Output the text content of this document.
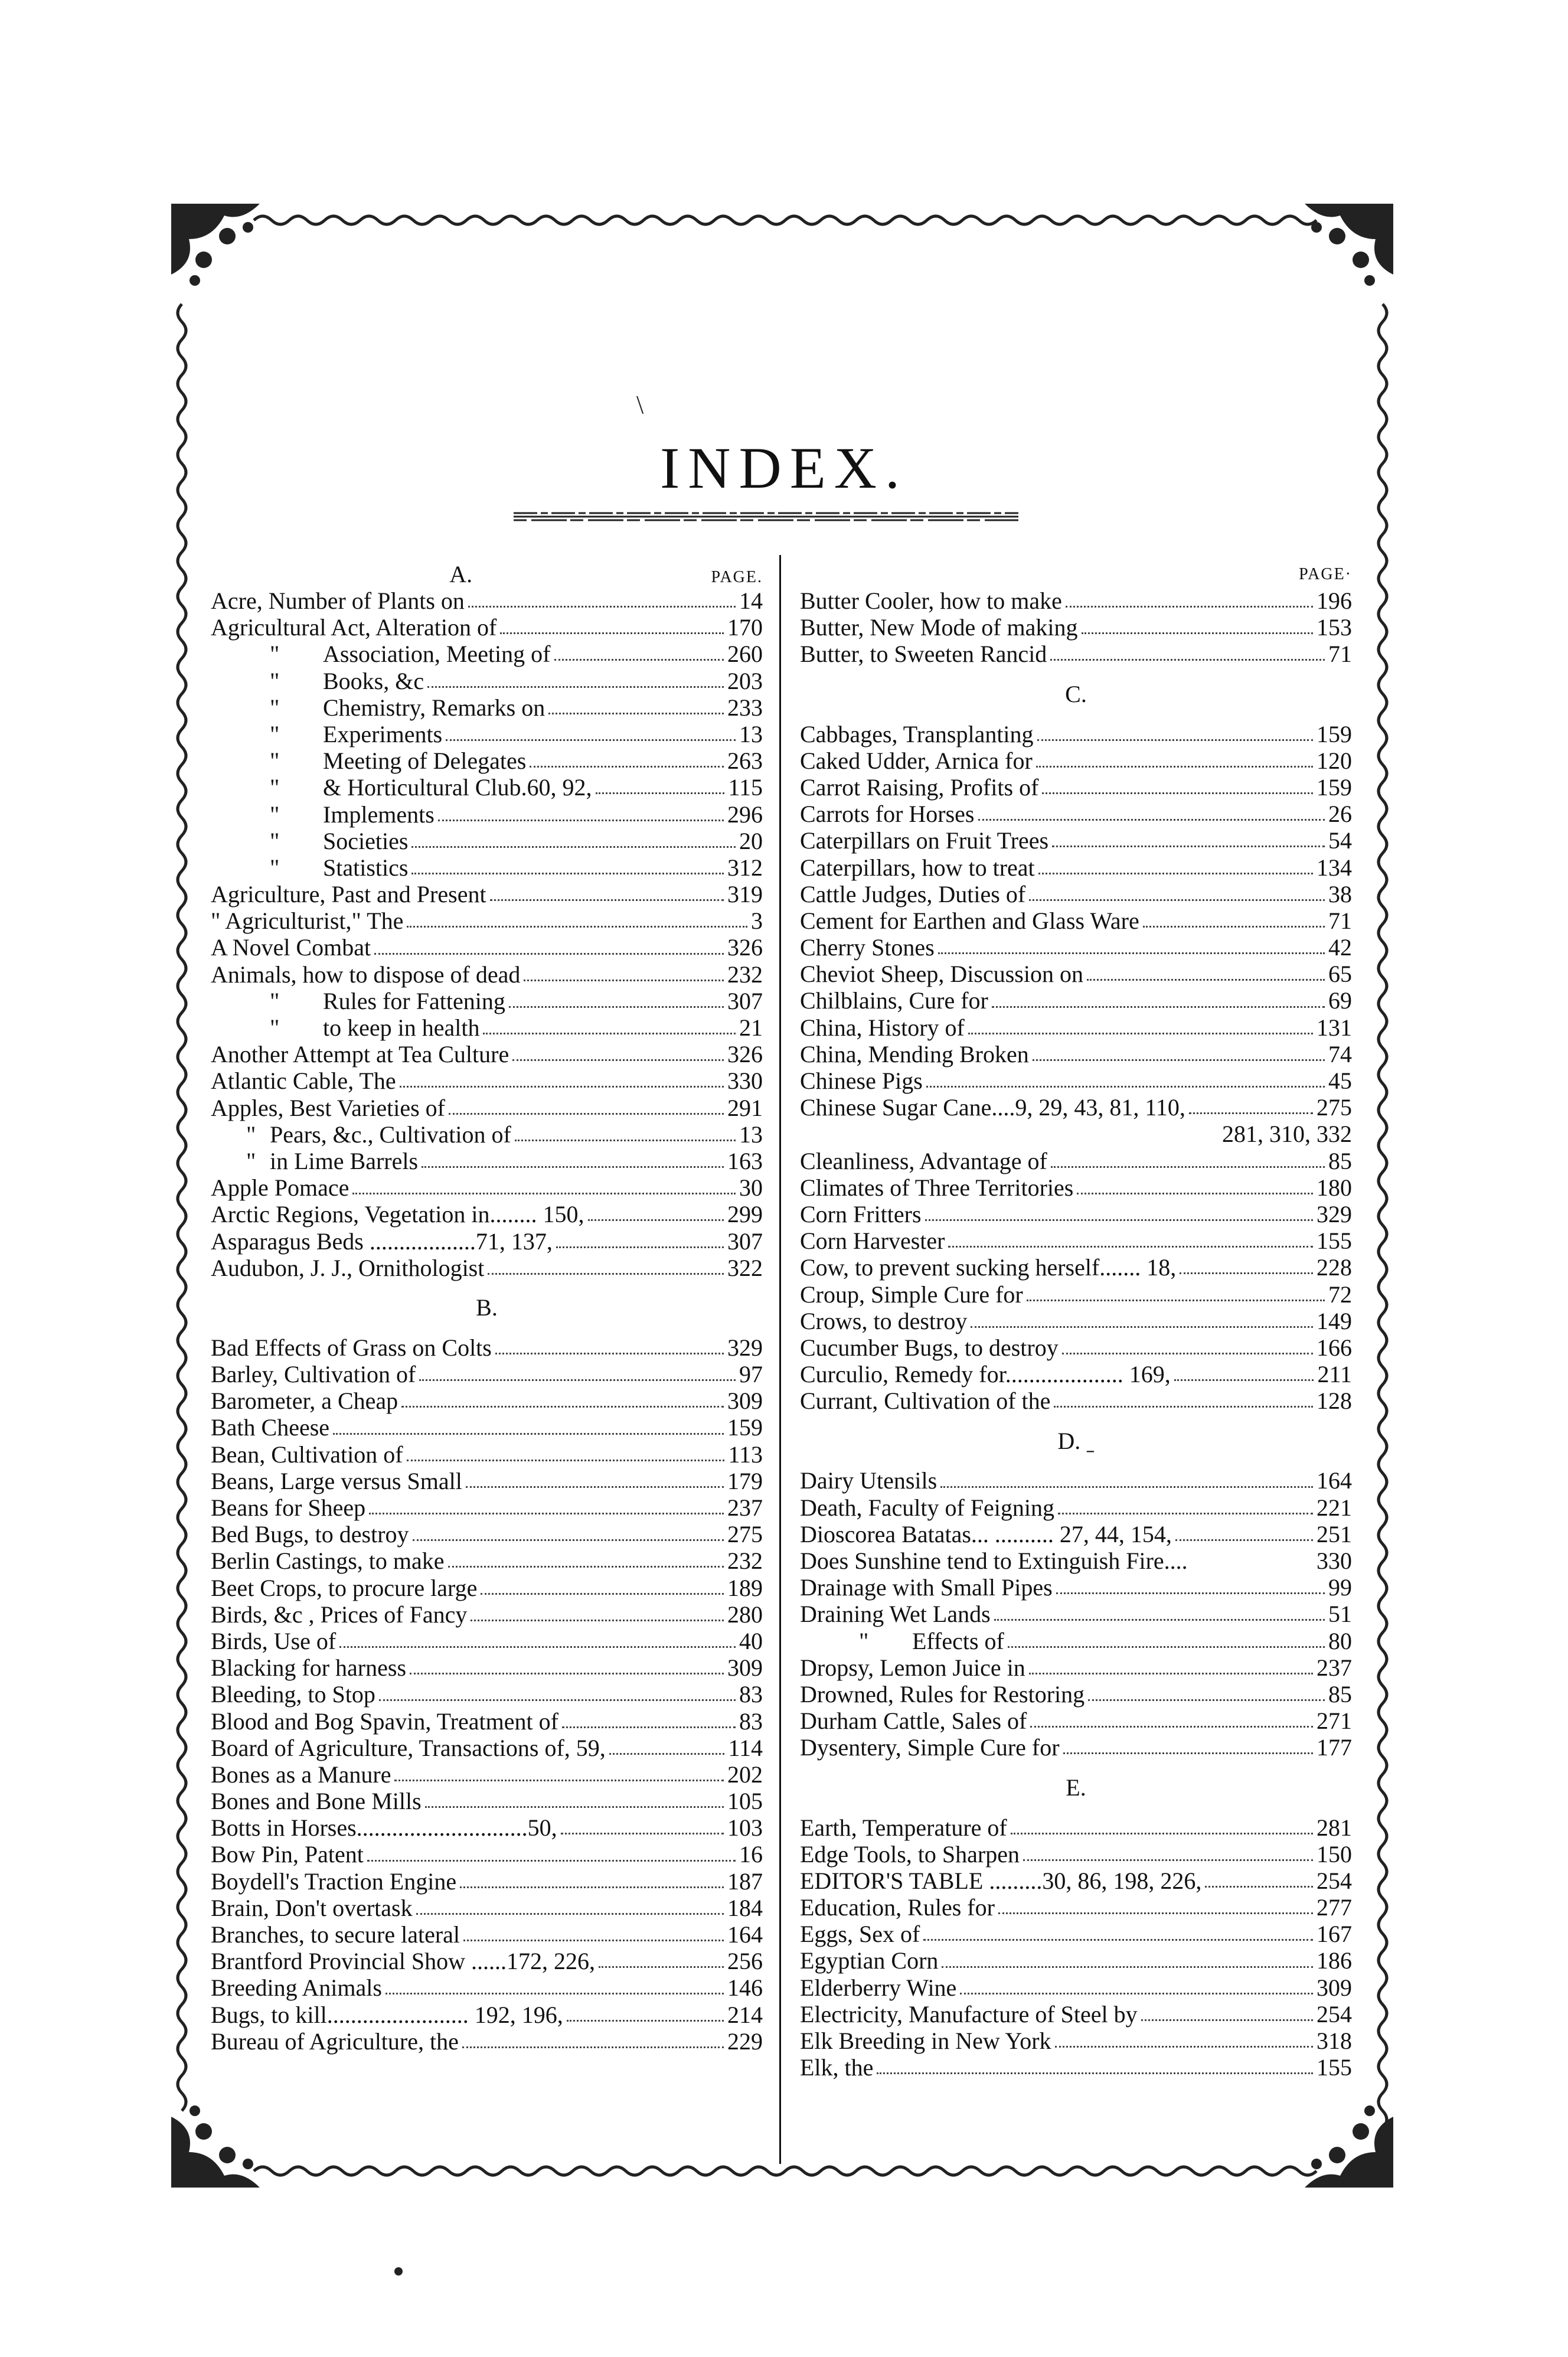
\
INDEX.
A.	PAGE.
Acre, Number of Plants on	14
Agricultural Act, Alteration of	170
"	Association, Meeting of	260
"	Books, &c	203
"	Chemistry, Remarks on	233
"	Experiments	13
"	Meeting of Delegates	263
"	& Horticultural Club.60, 92,	115
"	Implements	296
"	Societies	20
"	Statistics	312
Agriculture, Past and Present	319
" Agriculturist," The	3
A Novel Combat	326
Animals, how to dispose of dead	232
"	Rules for Fattening	307
"	to keep in health	21
Another Attempt at Tea Culture	326
Atlantic Cable, The	330
Apples, Best Varieties of	291
" Pears, &c., Cultivation of	13
" in Lime Barrels	163
Apple Pomace	30
Arctic Regions, Vegetation in........ 150,	299
Asparagus Beds ..................71, 137,	307
Audubon, J. J., Ornithologist	322
B.
Bad Effects of Grass on Colts	329
Barley, Cultivation of	97
Barometer, a Cheap	309
Bath Cheese	159
Bean, Cultivation of	113
Beans, Large versus Small	179
Beans for Sheep	237
Bed Bugs, to destroy	275
Berlin Castings, to make	232
Beet Crops, to procure large	189
Birds, &c , Prices of Fancy	280
Birds, Use of	40
Blacking for harness	309
Bleeding, to Stop	83
Blood and Bog Spavin, Treatment of	83
Board of Agriculture, Transactions of, 59,	114
Bones as a Manure	202
Bones and Bone Mills	105
Botts in Horses.............................50,	103
Bow Pin, Patent	16
Boydell's Traction Engine	187
Brain, Don't overtask	184
Branches, to secure lateral	164
Brantford Provincial Show ......172, 226,	256
Breeding Animals	146
Bugs, to kill........................ 192, 196,	214
Bureau of Agriculture, the	229
PAGE·
Butter Cooler, how to make	196
Butter, New Mode of making	153
Butter, to Sweeten Rancid	71
C.
Cabbages, Transplanting	159
Caked Udder, Arnica for	120
Carrot Raising, Profits of	159
Carrots for Horses	26
Caterpillars on Fruit Trees	54
Caterpillars, how to treat	134
Cattle Judges, Duties of	38
Cement for Earthen and Glass Ware	71
Cherry Stones	42
Cheviot Sheep, Discussion on	65
Chilblains, Cure for	69
China, History of	131
China, Mending Broken	74
Chinese Pigs	45
Chinese Sugar Cane....9, 29, 43, 81, 110,	275
281, 310, 332
Cleanliness, Advantage of	85
Climates of Three Territories	180
Corn Fritters	329
Corn Harvester	155
Cow, to prevent sucking herself....... 18,	228
Croup, Simple Cure for	72
Crows, to destroy	149
Cucumber Bugs, to destroy	166
Curculio, Remedy for.................... 169,	211
Currant, Cultivation of the	128
D. ˍ
Dairy Utensils	164
Death, Faculty of Feigning	221
Dioscorea Batatas... .......... 27, 44, 154,	251
Does Sunshine tend to Extinguish Fire....	330
Drainage with Small Pipes	99
Draining Wet Lands	51
"	Effects of	80
Dropsy, Lemon Juice in	237
Drowned, Rules for Restoring	85
Durham Cattle, Sales of	271
Dysentery, Simple Cure for	177
E.
Earth, Temperature of	281
Edge Tools, to Sharpen	150
EDITOR'S TABLE .........30, 86, 198, 226,	254
Education, Rules for	277
Eggs, Sex of	167
Egyptian Corn	186
Elderberry Wine	309
Electricity, Manufacture of Steel by	254
Elk Breeding in New York	318
Elk, the	155
